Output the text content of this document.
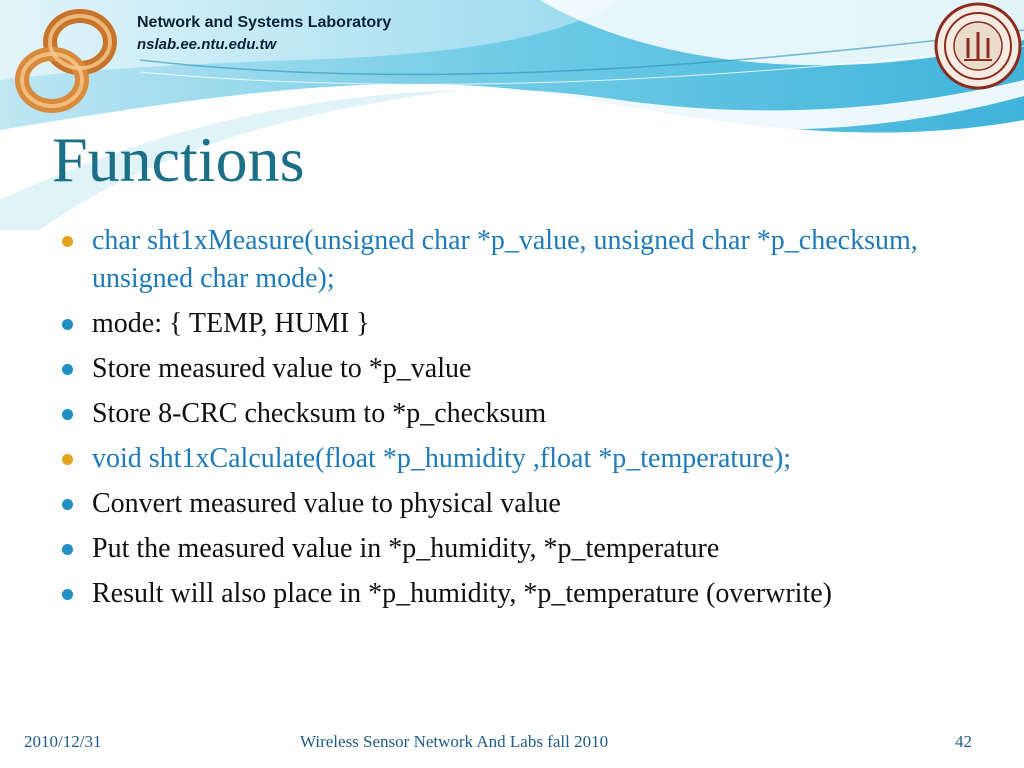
Network and Systems Laboratory
nslab.ee.ntu.edu.tw
Functions
char sht1xMeasure(unsigned char *p_value, unsigned char *p_checksum, unsigned char mode);
mode: { TEMP, HUMI }
Store measured value to *p_value
Store 8-CRC checksum to *p_checksum
void sht1xCalculate(float *p_humidity ,float *p_temperature);
Convert measured value to physical value
Put the measured value in *p_humidity, *p_temperature
Result will also place in *p_humidity, *p_temperature (overwrite)
2010/12/31	Wireless Sensor Network And Labs fall 2010	42
